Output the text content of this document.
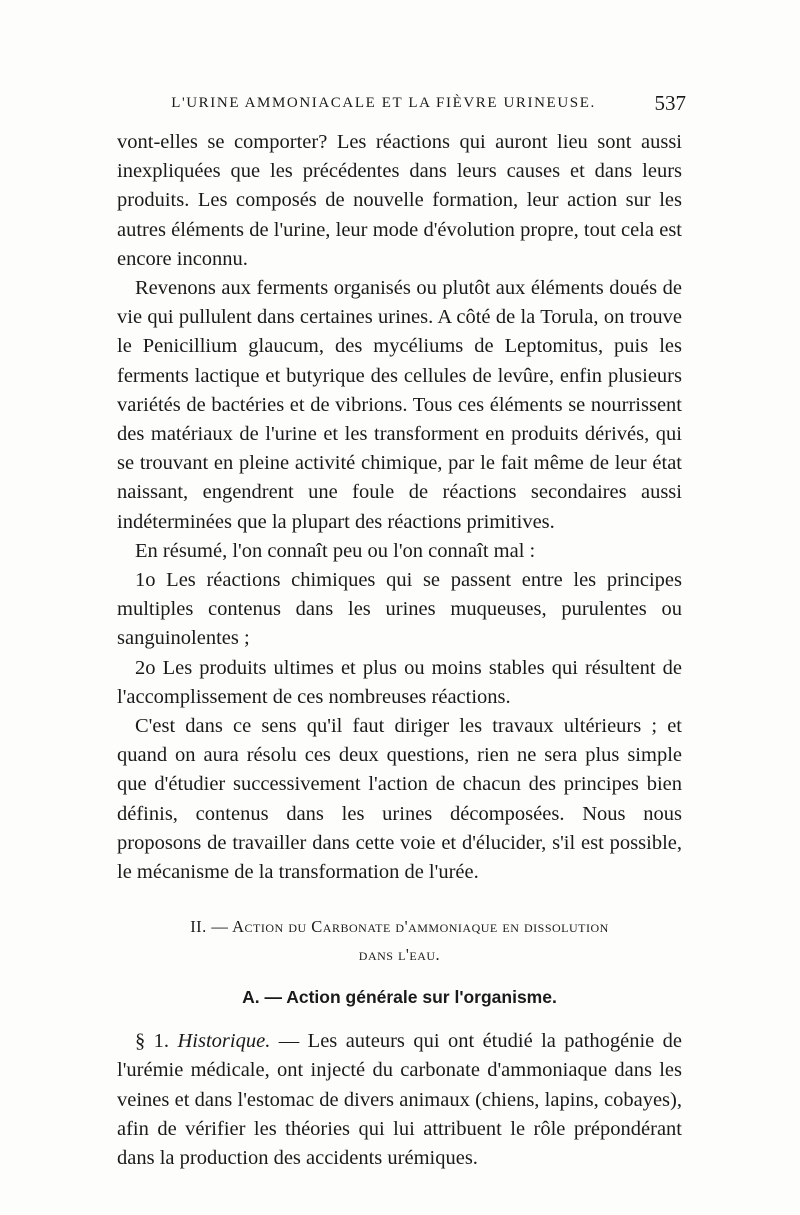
L'URINE AMMONIACALE ET LA FIÈVRE URINEUSE.	537

vont-elles se comporter? Les réactions qui auront lieu sont aussi inexpliquées que les précédentes dans leurs causes et dans leurs produits. Les composés de nouvelle formation, leur action sur les autres éléments de l'urine, leur mode d'évolution propre, tout cela est encore inconnu.

Revenons aux ferments organisés ou plutôt aux éléments doués de vie qui pullulent dans certaines urines. A côté de la Torula, on trouve le Penicillium glaucum, des mycéliums de Leptomitus, puis les ferments lactique et butyrique des cellules de levûre, enfin plusieurs variétés de bactéries et de vibrions. Tous ces éléments se nourrissent des matériaux de l'urine et les transforment en produits dérivés, qui se trouvant en pleine activité chimique, par le fait même de leur état naissant, engendrent une foule de réactions secondaires aussi indéterminées que la plupart des réactions primitives.

En résumé, l'on connaît peu ou l'on connaît mal :

1o Les réactions chimiques qui se passent entre les principes multiples contenus dans les urines muqueuses, purulentes ou sanguinolentes ;

2o Les produits ultimes et plus ou moins stables qui résultent de l'accomplissement de ces nombreuses réactions.

C'est dans ce sens qu'il faut diriger les travaux ultérieurs ; et quand on aura résolu ces deux questions, rien ne sera plus simple que d'étudier successivement l'action de chacun des principes bien définis, contenus dans les urines décomposées. Nous nous proposons de travailler dans cette voie et d'élucider, s'il est possible, le mécanisme de la transformation de l'urée.

II. — Action du Carbonate d'ammoniaque en dissolution
dans l'eau.
A. — Action générale sur l'organisme.

§ 1. Historique. — Les auteurs qui ont étudié la pathogénie de l'urémie médicale, ont injecté du carbonate d'ammoniaque dans les veines et dans l'estomac de divers animaux (chiens, lapins, cobayes), afin de vérifier les théories qui lui attribuent le rôle prépondérant dans la production des accidents urémiques.
